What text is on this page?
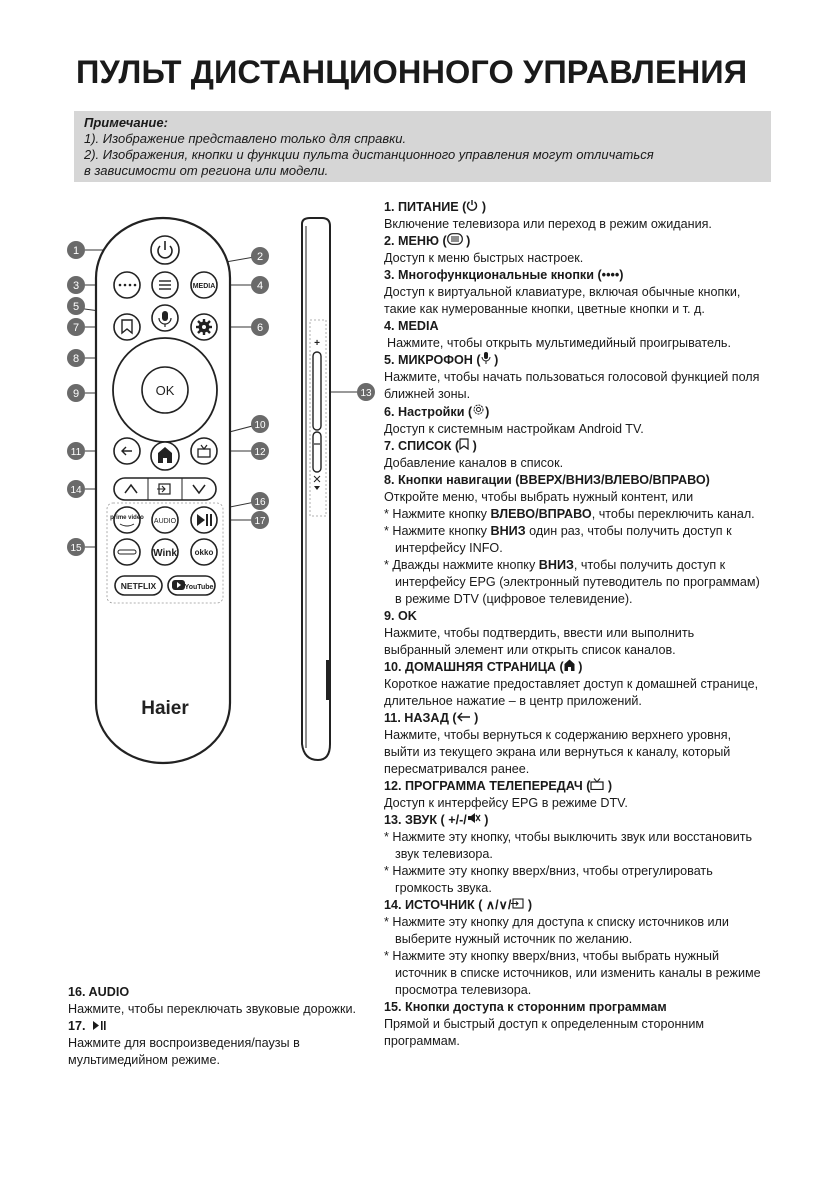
ПУЛЬТ ДИСТАНЦИОННОГО УПРАВЛЕНИЯ
Примечание:
1). Изображение представлено только для справки.
2). Изображения, кнопки и функции пульта дистанционного управления могут отличаться
в зависимости от региона или модели.
MEDIA
OK
prime video AUDIO
Wink okko
NETFLIX	YouTube
Haier
+
1	2
3	4
5
6
7
8
9
10
11	12
13
14
15
16
17
1. ПИТАНИЕ ( )
Включение телевизора или переход в режим ожидания.
2. МЕНЮ ( )
Доступ к меню быстрых настроек.
3. Многофункциональные кнопки (••••)
Доступ к виртуальной клавиатуре, включая обычные кнопки, такие как нумерованные кнопки, цветные кнопки и т. д.
4. MEDIA
Нажмите, чтобы открыть мультимедийный проигрыватель.
5. МИКРОФОН ( )
Нажмите, чтобы начать пользоваться голосовой функцией поля ближней зоны.
6. Настройки ( )
Доступ к системным настройкам Android TV.
7. СПИСОК ( )
Добавление каналов в список.
8. Кнопки навигации (ВВЕРХ/ВНИЗ/ВЛЕВО/ВПРАВО)
Откройте меню, чтобы выбрать нужный контент, или
* Нажмите кнопку ВЛЕВО/ВПРАВО, чтобы переключить канал.
* Нажмите кнопку ВНИЗ один раз, чтобы получить доступ к интерфейсу INFO.
* Дважды нажмите кнопку ВНИЗ, чтобы получить доступ к интерфейсу EPG (электронный путеводитель по программам) в режиме DTV (цифровое телевидение).
9. OK
Нажмите, чтобы подтвердить, ввести или выполнить выбранный элемент или открыть список каналов.
10. ДОМАШНЯЯ СТРАНИЦА ( )
Короткое нажатие предоставляет доступ к домашней странице, длительное нажатие – в центр приложений.
11. НАЗАД ( )
Нажмите, чтобы вернуться к содержанию верхнего уровня, выйти из текущего экрана или вернуться к каналу, который пересматривался ранее.
12. ПРОГРАММА ТЕЛЕПЕРЕДАЧ ( )
Доступ к интерфейсу EPG в режиме DTV.
13. ЗВУК ( +/-/ )
* Нажмите эту кнопку, чтобы выключить звук или восстановить звук телевизора.
* Нажмите эту кнопку вверх/вниз, чтобы отрегулировать громкость звука.
14. ИСТОЧНИК ( ∧/∨/ )
* Нажмите эту кнопку для доступа к списку источников или выберите нужный источник по желанию.
* Нажмите эту кнопку вверх/вниз, чтобы выбрать нужный источник в списке источников, или изменить каналы в режиме просмотра телевизора.
15. Кнопки доступа к сторонним программам
Прямой и быстрый доступ к определенным сторонним программам.
16. AUDIO
Нажмите, чтобы переключать звуковые дорожки.
17.
Нажмите для воспроизведения/паузы в мультимедийном режиме.
